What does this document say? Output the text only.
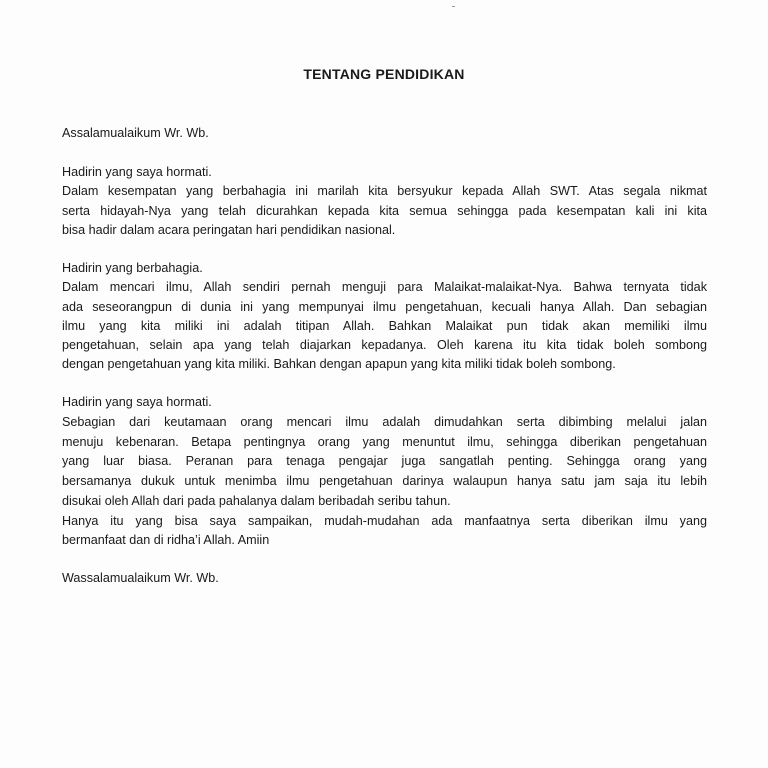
TENTANG PENDIDIKAN
Assalamualaikum Wr. Wb.
Hadirin yang saya hormati.
Dalam kesempatan yang berbahagia ini marilah kita bersyukur kepada Allah SWT. Atas segala nikmat
serta hidayah-Nya yang telah dicurahkan kepada kita semua sehingga pada kesempatan kali ini kita
bisa hadir dalam acara peringatan hari pendidikan nasional.
Hadirin yang berbahagia.
Dalam mencari ilmu, Allah sendiri pernah menguji para Malaikat-malaikat-Nya. Bahwa ternyata tidak
ada seseorangpun di dunia ini yang mempunyai ilmu pengetahuan, kecuali hanya Allah. Dan sebagian
ilmu yang kita miliki ini adalah titipan Allah. Bahkan Malaikat pun tidak akan memiliki ilmu
pengetahuan, selain apa yang telah diajarkan kepadanya. Oleh karena itu kita tidak boleh sombong
dengan pengetahuan yang kita miliki. Bahkan dengan apapun yang kita miliki tidak boleh sombong.
Hadirin yang saya hormati.
Sebagian dari keutamaan orang mencari ilmu adalah dimudahkan serta dibimbing melalui jalan
menuju kebenaran. Betapa pentingnya orang yang menuntut ilmu, sehingga diberikan pengetahuan
yang luar biasa. Peranan para tenaga pengajar juga sangatlah penting. Sehingga orang yang
bersamanya dukuk untuk menimba ilmu pengetahuan darinya walaupun hanya satu jam saja itu lebih
disukai oleh Allah dari pada pahalanya dalam beribadah seribu tahun.
Hanya itu yang bisa saya sampaikan, mudah-mudahan ada manfaatnya serta diberikan ilmu yang
bermanfaat dan di ridha’i Allah. Amiin
Wassalamualaikum Wr. Wb.
